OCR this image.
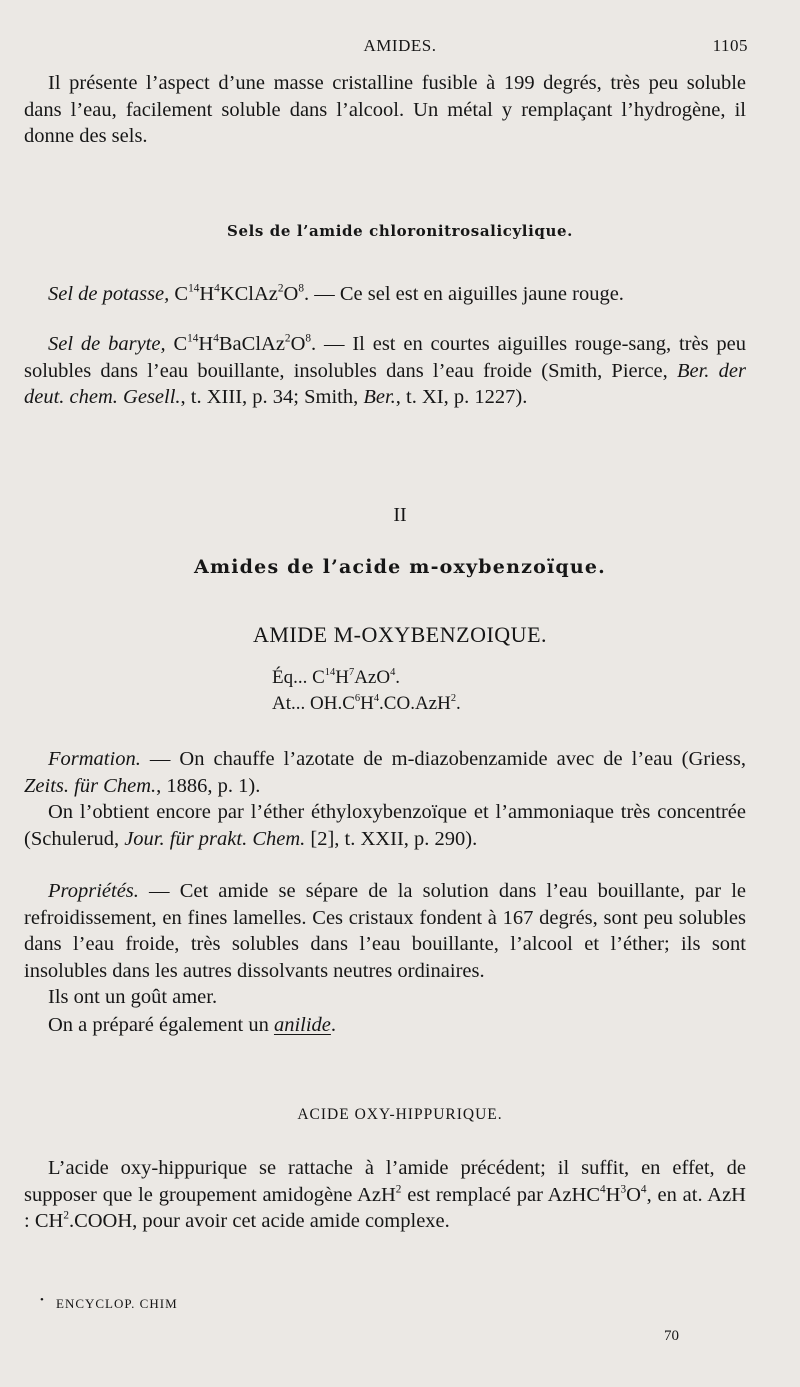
AMIDES.	1105

Il présente l’aspect d’une masse cristalline fusible à 199 degrés, très peu soluble dans l’eau, facilement soluble dans l’alcool. Un métal y remplaçant l’hydrogène, il donne des sels.

Sels de l’amide chloronitrosalicylique.

Sel de potasse, $C^{14}H^4KClAz^2O^8$. — Ce sel est en aiguilles jaune rouge.

Sel de baryte, $C^{14}H^4BaClAz^2O^8$. — Il est en courtes aiguilles rouge-sang, très peu solubles dans l’eau bouillante, insolubles dans l’eau froide (Smith, Pierce, Ber. der deut. chem. Gesell., t. XIII, p. 34; Smith, Ber., t. XI, p. 1227).

II

Amides de l’acide m-oxybenzoïque.

AMIDE M-OXYBENZOIQUE.

Éq... $C^{14}H^7AzO^4$.
At... $OH.C^6H^4.CO.AzH^2$.

Formation. — On chauffe l’azotate de m-diazobenzamide avec de l’eau (Griess, Zeits. für Chem., 1886, p. 1).

On l’obtient encore par l’éther éthyloxybenzoïque et l’ammoniaque très concentrée (Schulerud, Jour. für prakt. Chem. [2], t. XXII, p. 290).

Propriétés. — Cet amide se sépare de la solution dans l’eau bouillante, par le refroidissement, en fines lamelles. Ces cristaux fondent à 167 degrés, sont peu solubles dans l’eau froide, très solubles dans l’eau bouillante, l’alcool et l’éther; ils sont insolubles dans les autres dissolvants neutres ordinaires.

Ils ont un goût amer.

On a préparé également un anilide.

ACIDE OXY-HIPPURIQUE.

L’acide oxy-hippurique se rattache à l’amide précédent; il suffit, en effet, de supposer que le groupement amidogène AzH$^2$ est remplacé par $AzHC^4H^3O^4$, en at. AzH : $CH^2.COOH$, pour avoir cet acide amide complexe.

• ENCYCLOP. CHIM
70
